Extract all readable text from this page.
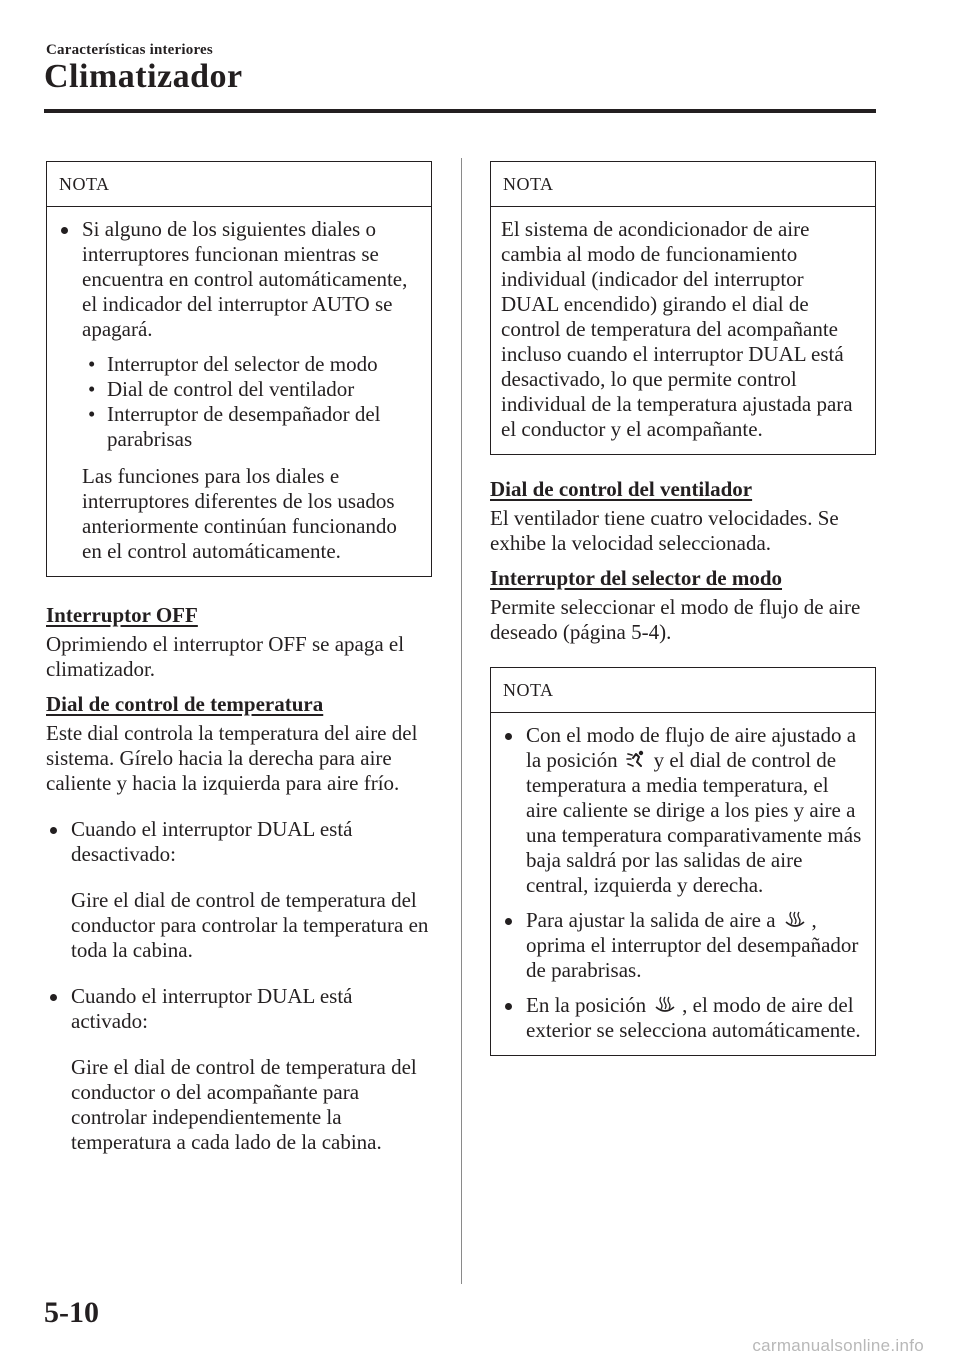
Características interiores
Climatizador
NOTA

Si alguno de los siguientes diales o interruptores funcionan mientras se encuentra en control automáticamente, el indicador del interruptor AUTO se apagará.

• Interruptor del selector de modo
• Dial de control del ventilador
• Interruptor de desempañador del parabrisas

Las funciones para los diales e interruptores diferentes de los usados anteriormente continúan funcionando en el control automáticamente.

Interruptor OFF

Oprimiendo el interruptor OFF se apaga el climatizador.

Dial de control de temperatura

Este dial controla la temperatura del aire del sistema. Gírelo hacia la derecha para aire caliente y hacia la izquierda para aire frío.

Cuando el interruptor DUAL está desactivado:

Gire el dial de control de temperatura del conductor para controlar la temperatura en toda la cabina.

Cuando el interruptor DUAL está activado:

Gire el dial de control de temperatura del conductor o del acompañante para controlar independientemente la temperatura a cada lado de la cabina.

NOTA

El sistema de acondicionador de aire cambia al modo de funcionamiento individual (indicador del interruptor DUAL encendido) girando el dial de control de temperatura del acompañante incluso cuando el interruptor DUAL está desactivado, lo que permite control individual de la temperatura ajustada para el conductor y el acompañante.

Dial de control del ventilador

El ventilador tiene cuatro velocidades. Se exhibe la velocidad seleccionada.

Interruptor del selector de modo

Permite seleccionar el modo de flujo de aire deseado (página 5-4).

NOTA

Con el modo de flujo de aire ajustado a la posición y el dial de control de temperatura a media temperatura, el aire caliente se dirige a los pies y aire a una temperatura comparativamente más baja saldrá por las salidas de aire central, izquierda y derecha.

Para ajustar la salida de aire a , oprima el interruptor del desempañador de parabrisas.

En la posición , el modo de aire del exterior se selecciona automáticamente.

5-10
carmanualsonline.info
